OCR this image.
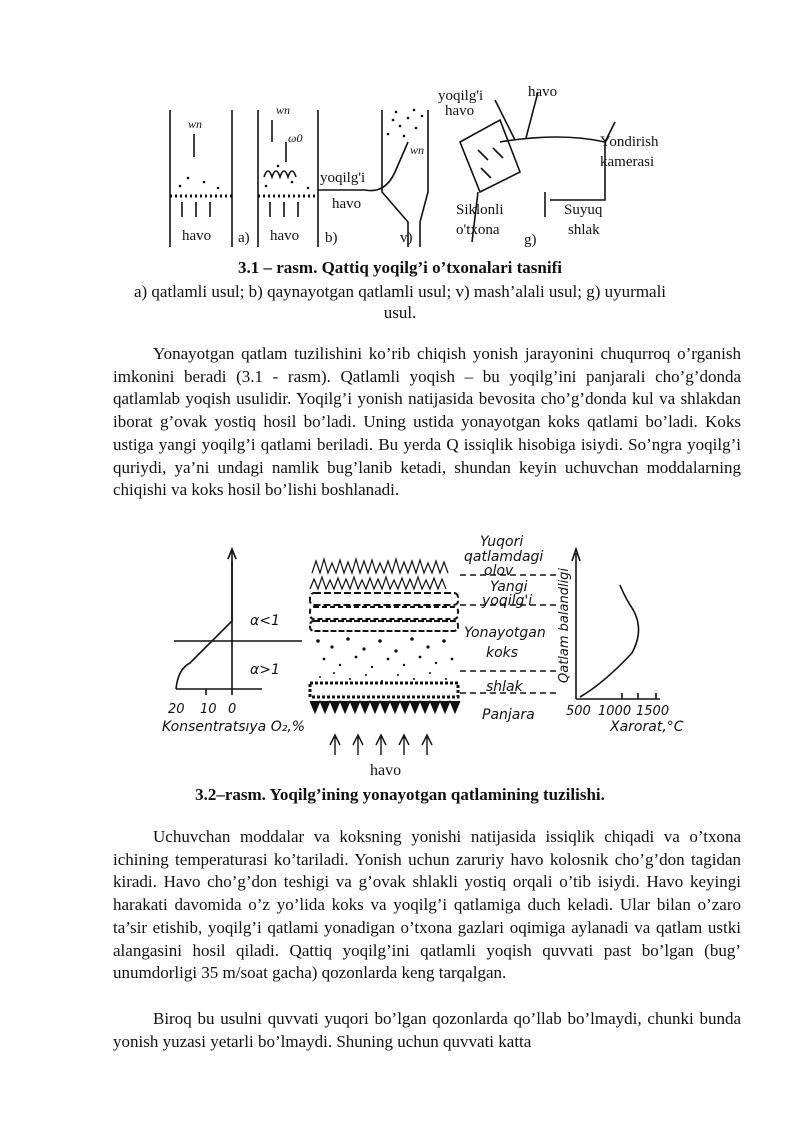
wп
wп
ω0
wп
havo a) havo b)
yoqilg'i
havo
v)
yoqilg'i
havo
havo
Yondirish
kamerasi
Siklonli
o'txona
g)
Suyuq
shlak
3.1 – rasm. Qattiq yoqilg’i o’txonalari tasnifi
a) qatlamli usul; b) qaynayotgan qatlamli usul; v) mash’alali usul; g) uyurmali
usul.

Yonayotgan qatlam tuzilishini ko’rib chiqish yonish jarayonini chuqurroq o’rganish imkonini beradi (3.1 - rasm). Qatlamli yoqish – bu yoqilg’ini panjarali cho’g’donda qatlamlab yoqish usulidir. Yoqilg’i yonish natijasida bevosita cho’g’donda kul va shlakdan iborat g’ovak yostiq hosil bo’ladi. Uning ustida yonayotgan koks qatlami bo’ladi. Koks ustiga yangi yoqilg’i qatlami beriladi. Bu yerda Q issiqlik hisobiga isiydi. So’ngra yoqilg’i quriydi, ya’ni undagi namlik bug’lanib ketadi, shundan keyin uchuvchan moddalarning chiqishi va koks hosil bo’lishi boshlanadi.

α<1
α>1
20 10 0
Konsentratsıya O₂,%
Yuqori
qatlamdagi
olov
Yangi
yoqilg'i
Yonayotgan
koks
shlak
Panjara
havo
Qatlam balandligi
500 1000 1500
Xarorat,°C
3.2–rasm. Yoqilg’ining yonayotgan qatlamining tuzilishi.

Uchuvchan moddalar va koksning yonishi natijasida issiqlik chiqadi va o’txona ichining temperaturasi ko’tariladi. Yonish uchun zaruriy havo kolosnik cho’g’don tagidan kiradi. Havo cho’g’don teshigi va g’ovak shlakli yostiq orqali o’tib isiydi. Havo keyingi harakati davomida o’z yo’lida koks va yoqilg’i qatlamiga duch keladi. Ular bilan o’zaro ta’sir etishib, yoqilg’i qatlami yonadigan o’txona gazlari oqimiga aylanadi va qatlam ustki alangasini hosil qiladi. Qattiq yoqilg’ini qatlamli yoqish quvvati past bo’lgan (bug’ unumdorligi 35 m/soat gacha) qozonlarda keng tarqalgan.

Biroq bu usulni quvvati yuqori bo’lgan qozonlarda qo’llab bo’lmaydi, chunki bunda yonish yuzasi yetarli bo’lmaydi. Shuning uchun quvvati katta
